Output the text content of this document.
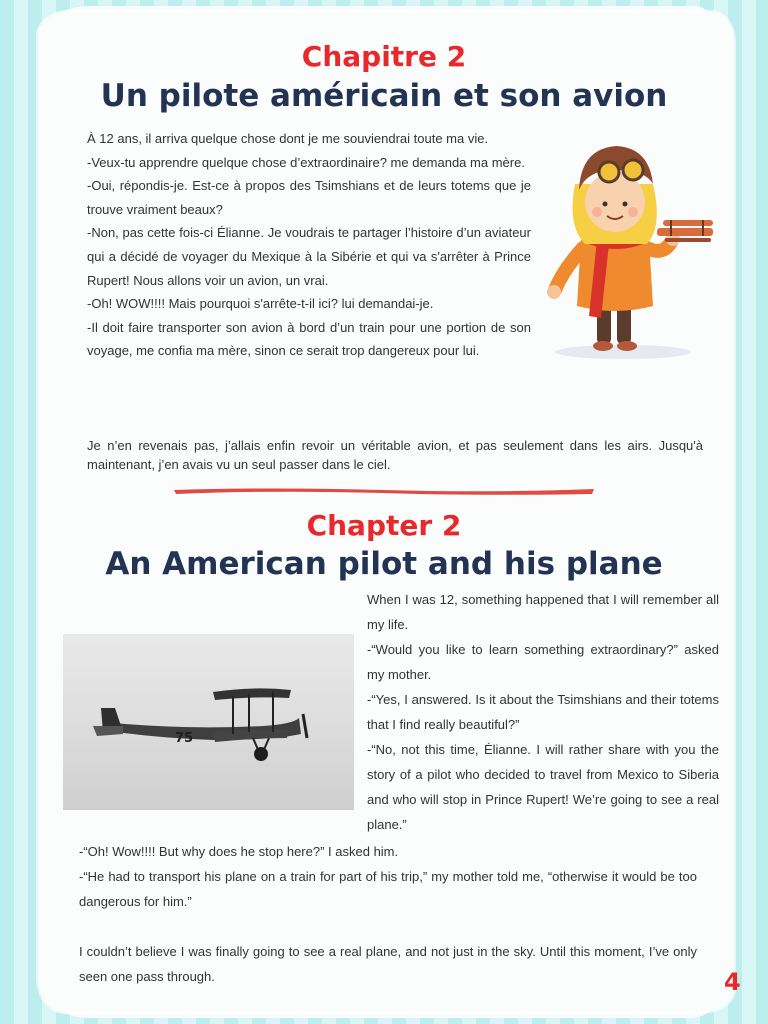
Chapitre 2
Un pilote américain et son avion

À 12 ans, il arriva quelque chose dont je me souviendrai toute ma vie.

-Veux-tu apprendre quelque chose d’extraordinaire? me demanda ma mère.

-Oui, répondis-je. Est-ce à propos des Tsimshians et de leurs totems que je trouve vraiment beaux?

-Non, pas cette fois-ci Élianne. Je voudrais te partager l’histoire d’un aviateur qui a décidé de voyager du Mexique à la Sibérie et qui va s'arrêter à Prince Rupert! Nous allons voir un avion, un vrai.

-Oh! WOW!!!! Mais pourquoi s'arrête-t-il ici? lui demandai-je.

-Il doit faire transporter son avion à bord d’un train pour une portion de son voyage, me confia ma mère, sinon ce serait trop dangereux pour lui.

Je n’en revenais pas, j’allais enfin revoir un véritable avion, et pas seulement dans les airs. Jusqu'à maintenant, j’en avais vu un seul passer dans le ciel.
Chapter 2
An American pilot and his plane
75

When I was 12, something happened that I will remember all my life.

-“Would you like to learn something extraordinary?” asked my mother.

-“Yes, I answered. Is it about the Tsimshians and their totems that I find really beautiful?”

-“No, not this time, Élianne. I will rather share with you the story of a pilot who decided to travel from Mexico to Siberia and who will stop in Prince Rupert! We’re going to see a real plane.”

-“Oh! Wow!!!! But why does he stop here?” I asked him.

-“He had to transport his plane on a train for part of his trip,” my mother told me, “otherwise it would be too dangerous for him.”

I couldn’t believe I was finally going to see a real plane, and not just in the sky. Until this moment, I’ve only seen one pass through.	4
